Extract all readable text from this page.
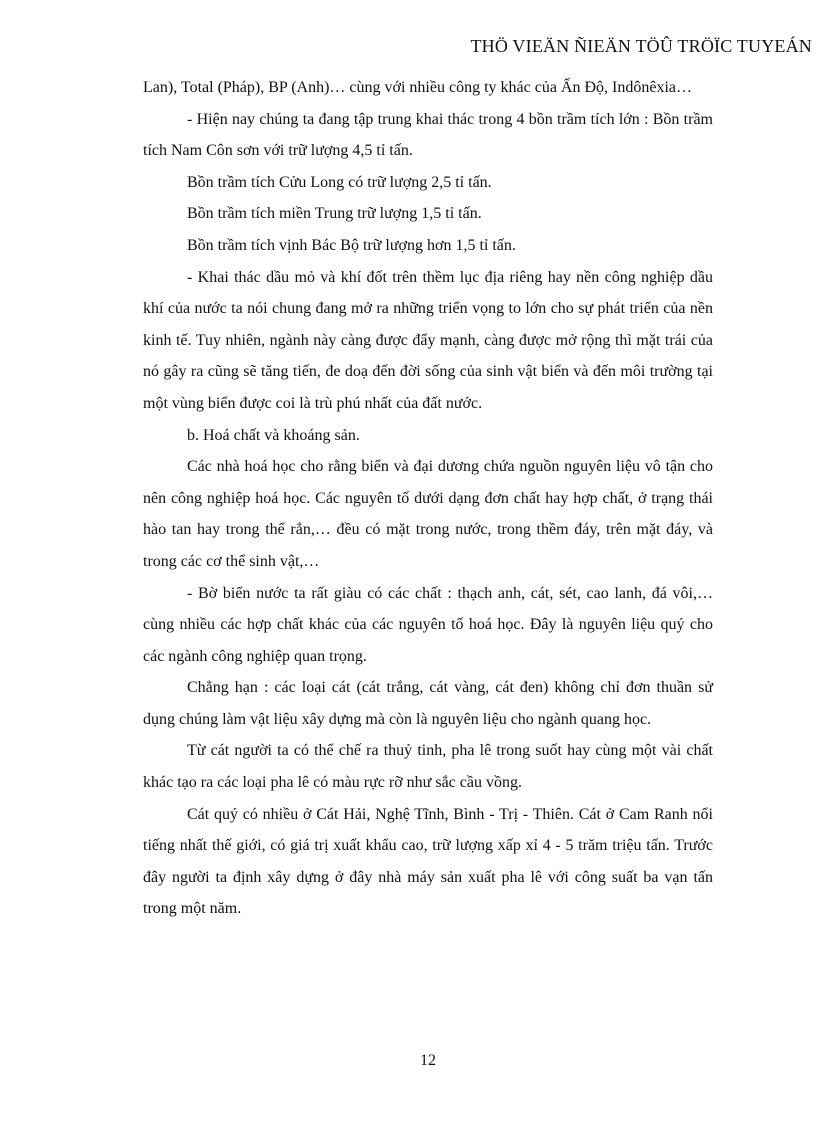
THÖ VIEÄN ÑIEÄN TÖÛ TRÖÏC TUYEÁN

Lan), Total (Pháp), BP (Anh)… cùng với nhiều công ty khác của Ấn Độ, Indônêxia…

- Hiện nay chúng ta đang tập trung khai thác trong 4 bồn trầm tích lớn : Bồn trầm tích Nam Côn sơn với trữ lượng 4,5 tỉ tấn.

Bồn trầm tích Cửu Long có trữ lượng 2,5 tỉ tấn.

Bồn trầm tích miền Trung trữ lượng 1,5 tỉ tấn.

Bồn trầm tích vịnh Bác Bộ trữ lượng hơn 1,5 tỉ tấn.

- Khai thác dầu mỏ và khí đốt trên thềm lục địa riêng hay nền công nghiệp dầu khí của nước ta nói chung đang mở ra những triển vọng to lớn cho sự phát triển của nền kinh tế. Tuy nhiên, ngành này càng được đẩy mạnh, càng được mở rộng thì mặt trái của nó gây ra cũng sẽ tăng tiến, đe doạ đến đời sống của sinh vật biển và đến môi trường tại một vùng biển được coi là trù phú nhất của đất nước.

b. Hoá chất và khoáng sản.

Các nhà hoá học cho rằng biển và đại dương chứa nguồn nguyên liệu vô tận cho nên công nghiệp hoá học. Các nguyên tố dưới dạng đơn chất hay hợp chất, ở trạng thái hào tan hay trong thể rắn,… đều có mặt trong nước, trong thềm đáy, trên mặt đáy, và trong các cơ thể sinh vật,…

- Bờ biển nước ta rất giàu có các chất : thạch anh, cát, sét, cao lanh, đá vôi,… cùng nhiều các hợp chất khác của các nguyên tố hoá học. Đây là nguyên liệu quý cho các ngành công nghiệp quan trọng.

Chẳng hạn : các loại cát (cát trắng, cát vàng, cát đen) không chỉ đơn thuần sử dụng chúng làm vật liệu xây dựng mà còn là nguyên liệu cho ngành quang học.

Từ cát người ta có thể chế ra thuỷ tinh, pha lê trong suốt hay cùng một vài chất khác tạo ra các loại pha lê có màu rực rỡ như sắc cầu vồng.

Cát quý có nhiều ở Cát Hải, Nghệ Tĩnh, Bình - Trị - Thiên. Cát ở Cam Ranh nổi tiếng nhất thế giới, có giá trị xuất khẩu cao, trữ lượng xấp xỉ 4 - 5 trăm triệu tấn. Trước đây người ta định xây dựng ở đây nhà máy sản xuất pha lê với công suất ba vạn tấn trong một năm.

12
